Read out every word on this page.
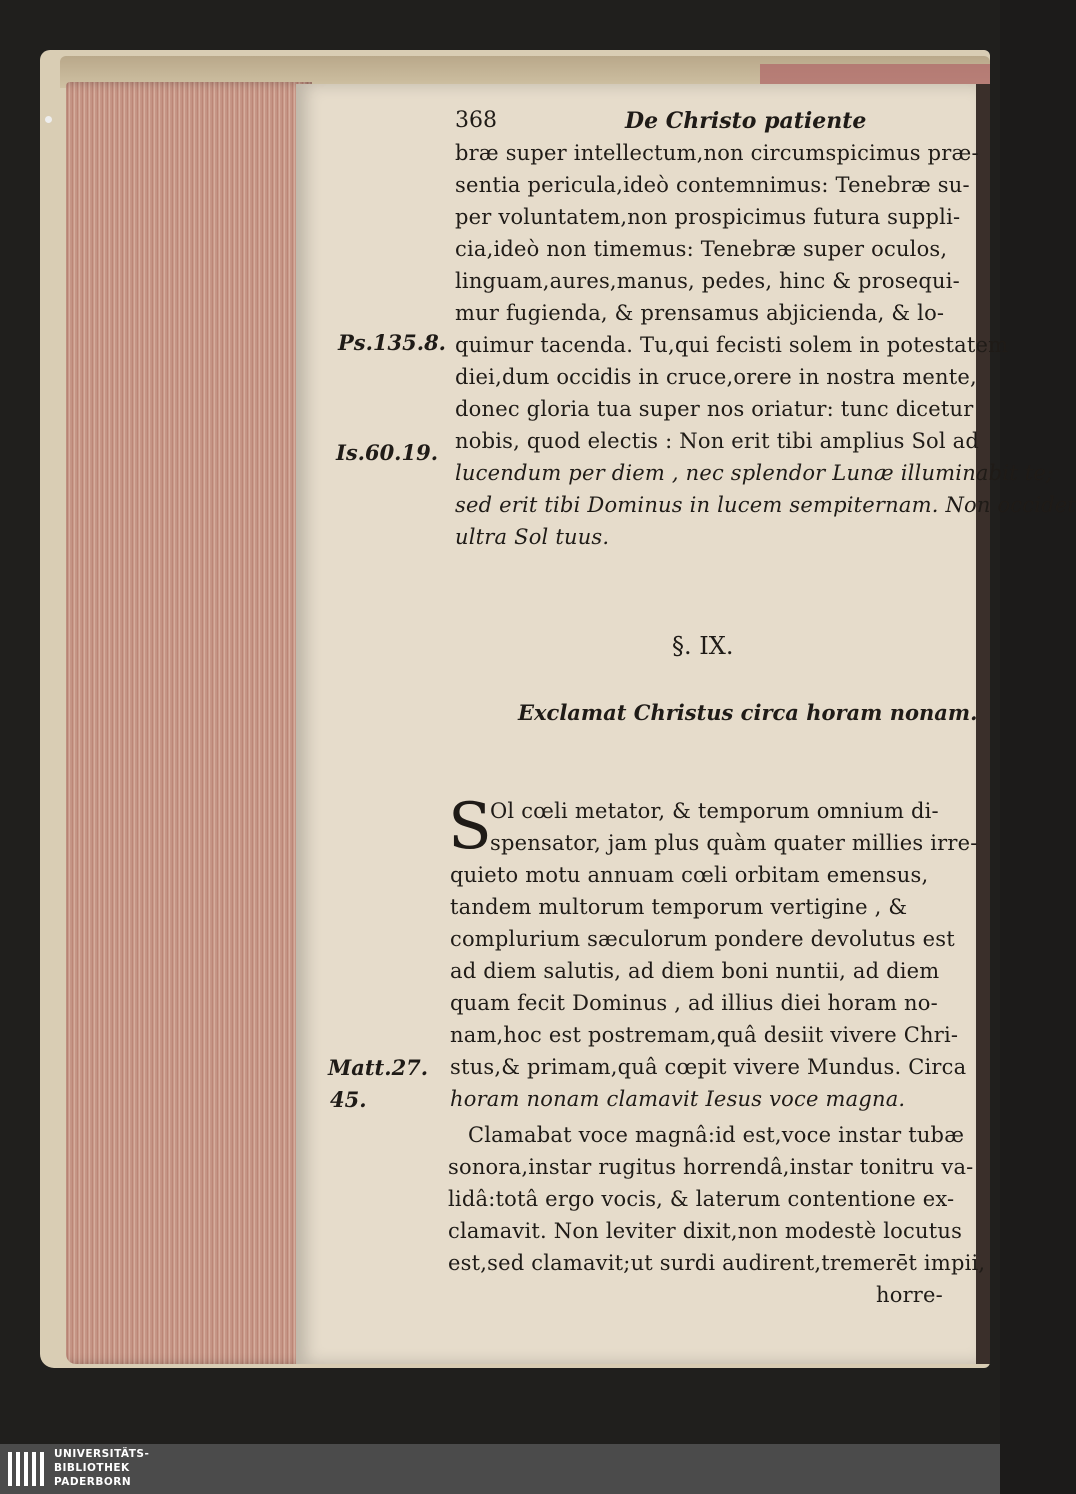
368	De Christo patiente
bræ super intellectum,non circumspicimus præ-
sentia pericula,ideò contemnimus: Tenebræ su-
per voluntatem,non prospicimus futura suppli-
cia,ideò non timemus: Tenebræ super oculos,
linguam,aures,manus, pedes, hinc & prosequi-
mur fugienda, & prensamus abjicienda, & lo-
quimur tacenda. Tu,qui fecisti solem in potestatem
diei,dum occidis in cruce,orere in nostra mente,
donec gloria tua super nos oriatur: tunc dicetur
nobis, quod electis : Non erit tibi amplius Sol ad
lucendum per diem , nec splendor Lunæ illuminabit te;
sed erit tibi Dominus in lucem sempiternam. Non occidet
ultra Sol tuus.
Ps.135.8.
Is.60.19.
Matt.27.
45.
§. IX.
Exclamat Christus circa horam nonam.
S
Ol cœli metator, & temporum omnium di-
spensator, jam plus quàm quater millies irre-
quieto motu annuam cœli orbitam emensus,
tandem multorum temporum vertigine , &
complurium sæculorum pondere devolutus est
ad diem salutis, ad diem boni nuntii, ad diem
quam fecit Dominus , ad illius diei horam no-
nam,hoc est postremam,quâ desiit vivere Chri-
stus,& primam,quâ cœpit vivere Mundus. Circa
horam nonam clamavit Iesus voce magna.
Clamabat voce magnâ:id est,voce instar tubæ
sonora,instar rugitus horrendâ,instar tonitru va-
lidâ:totâ ergo vocis, & laterum contentione ex-
clamavit. Non leviter dixit,non modestè locutus
est,sed clamavit;ut surdi audirent,tremerēt impii,
horre-
UNIVERSITÄTS-
BIBLIOTHEK
PADERBORN
